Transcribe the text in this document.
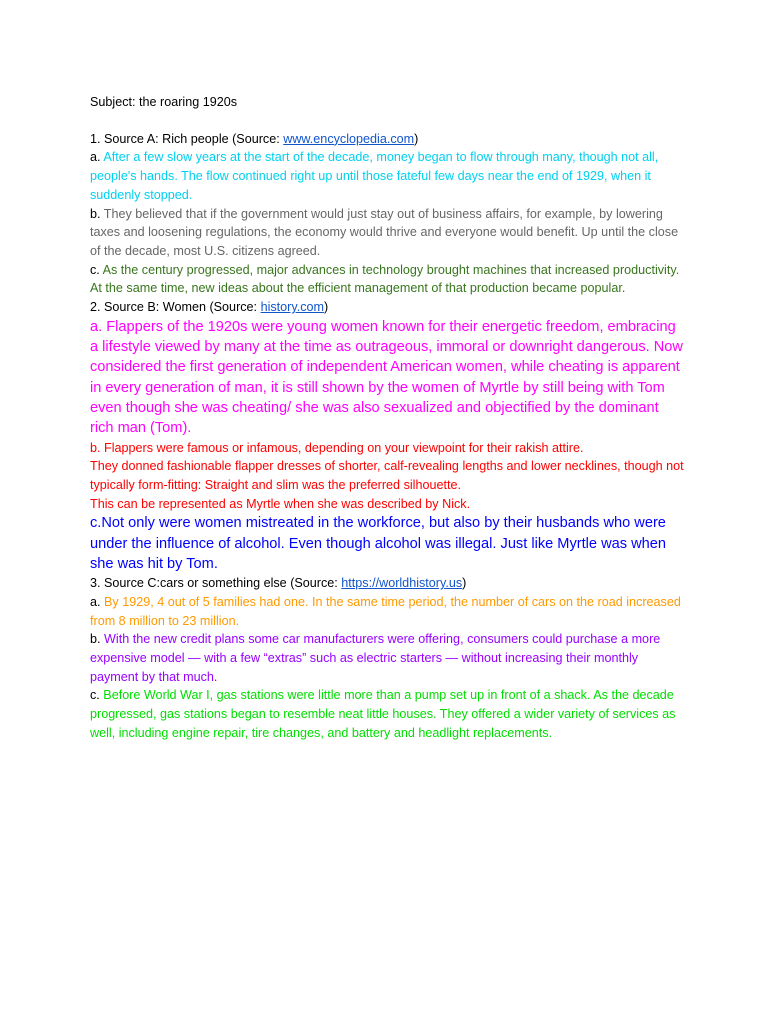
Subject: the roaring 1920s

1. Source A: Rich people (Source: www.encyclopedia.com)

a. After a few slow years at the start of the decade, money began to flow through many, though not all, people's hands. The flow continued right up until those fateful few days near the end of 1929, when it suddenly stopped.

b. They believed that if the government would just stay out of business affairs, for example, by lowering taxes and loosening regulations, the economy would thrive and everyone would benefit. Up until the close of the decade, most U.S. citizens agreed.

c. As the century progressed, major advances in technology brought machines that increased productivity. At the same time, new ideas about the efficient management of that production became popular.

2. Source B: Women (Source: history.com)

a. Flappers of the 1920s were young women known for their energetic freedom, embracing a lifestyle viewed by many at the time as outrageous, immoral or downright dangerous. Now considered the first generation of independent American women, while cheating is apparent in every generation of man, it is still shown by the women of Myrtle by still being with Tom even though she was cheating/ she was also sexualized and objectified by the dominant rich man (Tom).

b. Flappers were famous or infamous, depending on your viewpoint for their rakish attire.

They donned fashionable flapper dresses of shorter, calf-revealing lengths and lower necklines, though not typically form-fitting: Straight and slim was the preferred silhouette.

This can be represented as Myrtle when she was described by Nick.

c.Not only were women mistreated in the workforce, but also by their husbands who were under the influence of alcohol. Even though alcohol was illegal. Just like Myrtle was when she was hit by Tom.

3. Source C:cars or something else (Source: https://worldhistory.us)

a. By 1929, 4 out of 5 families had one. In the same time period, the number of cars on the road increased from 8 million to 23 million.

b. With the new credit plans some car manufacturers were offering, consumers could purchase a more expensive model — with a few “extras” such as electric starters — without increasing their monthly payment by that much.

c. Before World War I, gas stations were little more than a pump set up in front of a shack. As the decade progressed, gas stations began to resemble neat little houses. They offered a wider variety of services as well, including engine repair, tire changes, and battery and headlight replacements.
